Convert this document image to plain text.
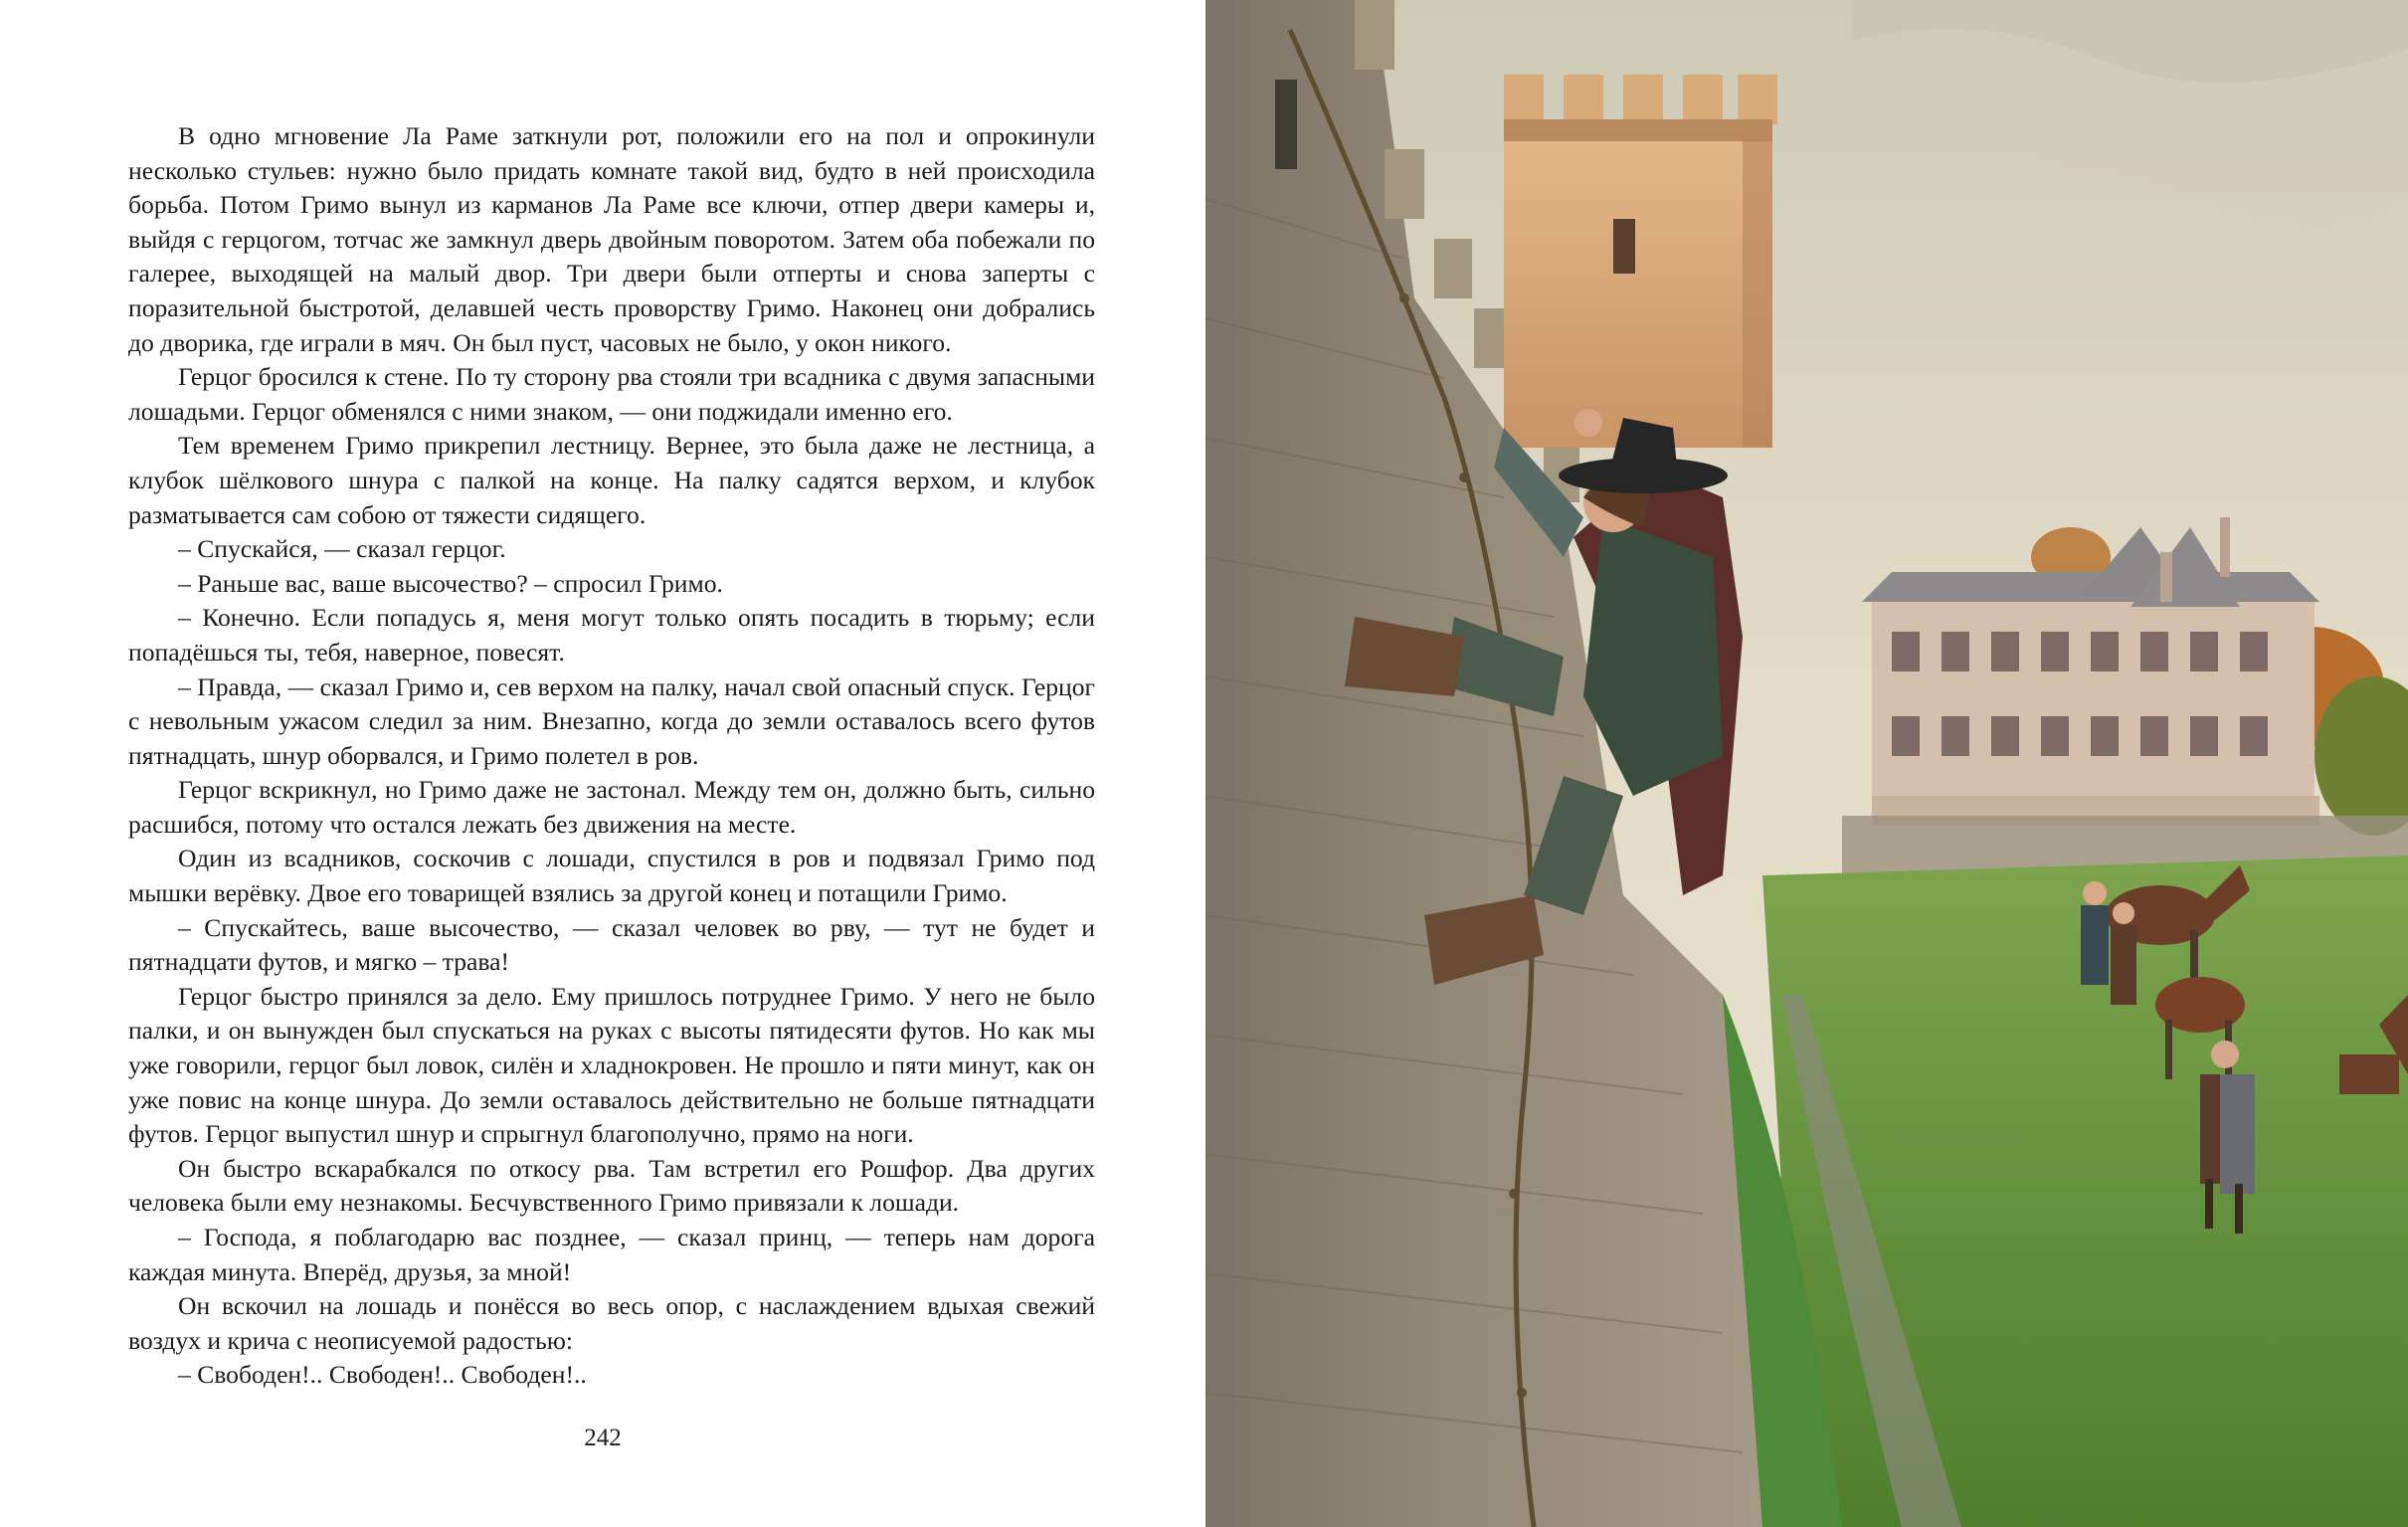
В одно мгновение Ла Раме заткнули рот, положили его на пол и опрокинули несколько стульев: нужно было придать комнате такой вид, будто в ней происходила борьба. Потом Гримо вынул из карманов Ла Раме все ключи, отпер двери камеры и, выйдя с герцогом, тотчас же замкнул дверь двойным поворотом. Затем оба побежали по галерее, выходящей на малый двор. Три двери были отперты и снова заперты с поразительной быстротой, делавшей честь проворству Гримо. Наконец они добрались до дворика, где играли в мяч. Он был пуст, часовых не было, у окон никого.

Герцог бросился к стене. По ту сторону рва стояли три всадника с двумя запасными лошадьми. Герцог обменялся с ними знаком, — они поджидали именно его.

Тем временем Гримо прикрепил лестницу. Вернее, это была даже не лестница, а клубок шёлкового шнура с палкой на конце. На палку садятся верхом, и клубок разматывается сам собою от тяжести сидящего.

– Спускайся, — сказал герцог.

– Раньше вас, ваше высочество? – спросил Гримо.

– Конечно. Если попадусь я, меня могут только опять посадить в тюрьму; если попадёшься ты, тебя, наверное, повесят.

– Правда, — сказал Гримо и, сев верхом на палку, начал свой опасный спуск. Герцог с невольным ужасом следил за ним. Внезапно, когда до земли оставалось всего футов пятнадцать, шнур оборвался, и Гримо полетел в ров.

Герцог вскрикнул, но Гримо даже не застонал. Между тем он, должно быть, сильно расшибся, потому что остался лежать без движения на месте.

Один из всадников, соскочив с лошади, спустился в ров и подвязал Гримо под мышки верёвку. Двое его товарищей взялись за другой конец и потащили Гримо.

– Спускайтесь, ваше высочество, — сказал человек во рву, — тут не будет и пятнадцати футов, и мягко – трава!

Герцог быстро принялся за дело. Ему пришлось потруднее Гримо. У него не было палки, и он вынужден был спускаться на руках с высоты пятидесяти футов. Но как мы уже говорили, герцог был ловок, силён и хладнокровен. Не прошло и пяти минут, как он уже повис на конце шнура. До земли оставалось действительно не больше пятнадцати футов. Герцог выпустил шнур и спрыгнул благополучно, прямо на ноги.

Он быстро вскарабкался по откосу рва. Там встретил его Рошфор. Два других человека были ему незнакомы. Бесчувственного Гримо привязали к лошади.

– Господа, я поблагодарю вас позднее, — сказал принц, — теперь нам дорога каждая минута. Вперёд, друзья, за мной!

Он вскочил на лошадь и понёсся во весь опор, с наслаждением вдыхая свежий воздух и крича с неописуемой радостью:

– Свободен!.. Свободен!.. Свободен!..

242
